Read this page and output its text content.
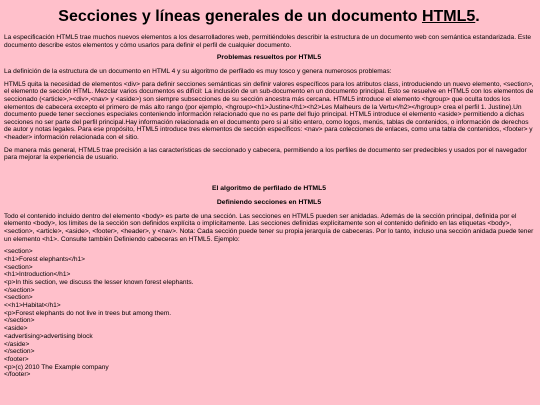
Secciones y líneas generales de un documento HTML5.

La especificación HTML5 trae muchos nuevos elementos a los desarrolladores web, permitiéndoles describir la estructura de un documento web con semántica estandarizada. Este documento describe estos elementos y cómo usarlos para definir el perfil de cualquier documento.

Problemas resueltos por HTML5

La definición de la estructura de un documento en HTML 4 y su algoritmo de perfilado es muy tosco y genera numerosos problemas:

HTML5 quita la necesidad de elementos <div> para definir secciones semánticas sin definir valores específicos para los atributos class, introduciendo un nuevo elemento, <section>, el elemento de sección HTML. Mezclar varios documentos es difícil: La inclusión de un sub-documento en un documento principal. Esto se resuelve en HTML5 con los elementos de seccionado (<article>,><div>,<nav> y <aside>) son siempre subsecciones de su sección ancestra más cercana. HTML5 introduce el elemento <hgroup> que oculta todos los elementos de cabecera excepto el primero de más alto rango (por ejemplo, <hgroup><h1>Justine</h1><h2>Les Malheurs de la Vertu</h2></hgroup> crea el perfil 1. Justine).Un documento puede tener secciones especiales conteniendo información relacionado que no es parte del flujo principal. HTML5 introduce el elemento <aside> permitiendo a dichas secciones no ser parte del perfil principal.Hay información relacionada en el documento pero si al sitio entero, como logos, menús, tablas de contenidos, o información de derechos de autor y notas legales. Para ese propósito, HTML5 introduce tres elementos de sección específicos: <nav> para colecciones de enlaces, como una tabla de contenidos, <footer> y <header> información relacionada con el sitio.

De manera más general, HTML5 trae precisión a las características de seccionado y cabecera, permitiendo a los perfiles de documento ser predecibles y usados por el navegador para mejorar la experiencia de usuario.

El algoritmo de perfilado de HTML5
Definiendo secciones en HTML5

Todo el contenido incluido dentro del elemento <body> es parte de una sección. Las secciones en HTML5 pueden ser anidadas. Además de la sección principal, definida por el elemento <body>, los límites de la sección son definidos explícita o implícitamente. Las secciones definidas explícitamente son el contenido definido en las etiquetas <body>, <section>, <article>, <aside>, <footer>, <header>, y <nav>. Nota: Cada sección puede tener su propia jerarquía de cabeceras. Por lo tanto, incluso una sección anidada puede tener un elemento <h1>. Consulte también Definiendo cabeceras en HTML5. Ejemplo:

<section>
<h1>Forest elephants</h1>
<section>
<h1>Introduction</h1>
<p>In this section, we discuss the lesser known forest elephants.
</section>
<section>
<<h1>Habitat</h1>
<p>Forest elephants do not live in trees but among them.
</section>
<aside>
<advertising>advertising block
</aside>
</section>
<footer>
<p>(c) 2010 The Example company
</footer>
